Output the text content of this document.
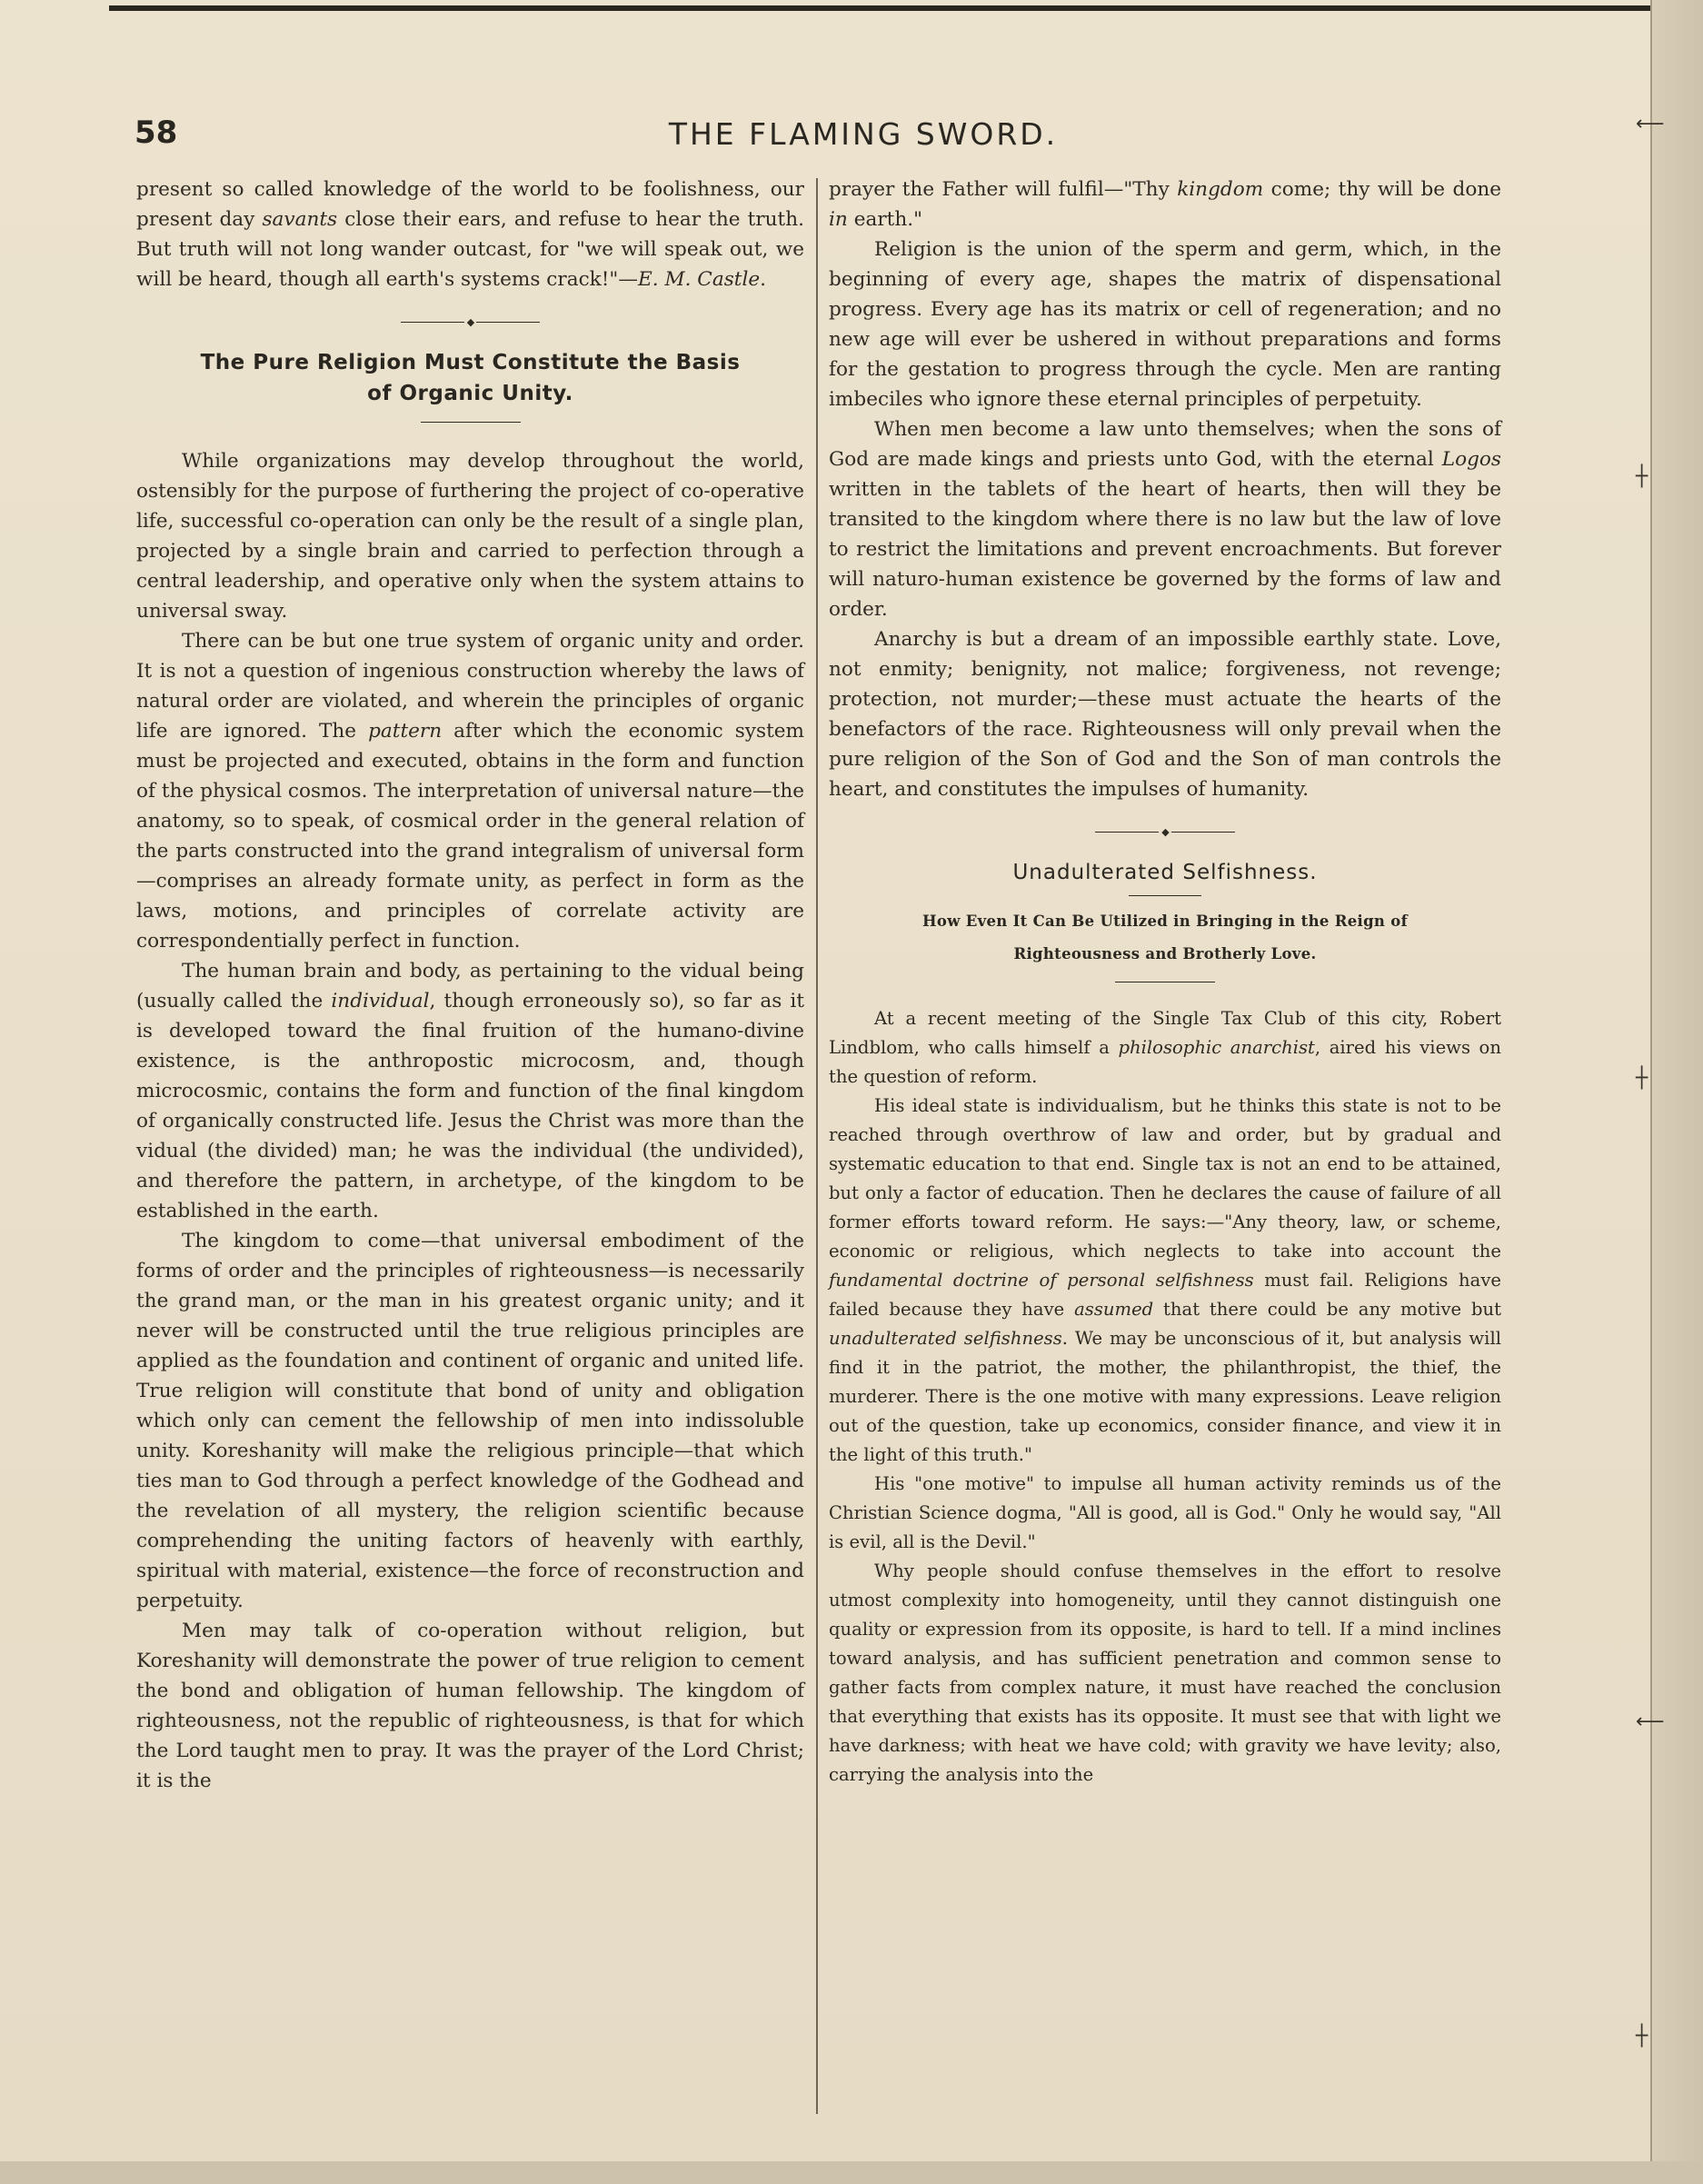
⟵
┼
┼
⟵
┼
58	THE FLAMING SWORD.

present so called knowledge of the world to be foolishness, our present day savants close their ears, and refuse to hear the truth. But truth will not long wander outcast, for "we will speak out, we will be heard, though all earth's systems crack!"—E. M. Castle.

◆
The Pure Religion Must Constitute the Basis
of Organic Unity.

While organizations may develop throughout the world, ostensibly for the purpose of furthering the project of co-operative life, successful co-operation can only be the result of a single plan, projected by a single brain and carried to perfection through a central leadership, and operative only when the system attains to universal sway.

There can be but one true system of organic unity and order. It is not a question of ingenious construction whereby the laws of natural order are violated, and wherein the principles of organic life are ignored. The pattern after which the economic system must be projected and executed, obtains in the form and function of the physical cosmos. The interpretation of universal nature—the anatomy, so to speak, of cosmical order in the general relation of the parts constructed into the grand integralism of universal form—comprises an already formate unity, as perfect in form as the laws, motions, and principles of correlate activity are correspondentially perfect in function.

The human brain and body, as pertaining to the vidual being (usually called the individual, though erroneously so), so far as it is developed toward the final fruition of the humano-divine existence, is the anthropostic microcosm, and, though microcosmic, contains the form and function of the final kingdom of organically constructed life. Jesus the Christ was more than the vidual (the divided) man; he was the individual (the undivided), and therefore the pattern, in archetype, of the kingdom to be established in the earth.

The kingdom to come—that universal embodiment of the forms of order and the principles of righteousness—is necessarily the grand man, or the man in his greatest organic unity; and it never will be constructed until the true religious principles are applied as the foundation and continent of organic and united life. True religion will constitute that bond of unity and obligation which only can cement the fellowship of men into indissoluble unity. Koreshanity will make the religious principle—that which ties man to God through a perfect knowledge of the Godhead and the revelation of all mystery, the religion scientific because comprehending the uniting factors of heavenly with earthly, spiritual with material, existence—the force of reconstruction and perpetuity.

Men may talk of co-operation without religion, but Koreshanity will demonstrate the power of true religion to cement the bond and obligation of human fellowship. The kingdom of righteousness, not the republic of righteousness, is that for which the Lord taught men to pray. It was the prayer of the Lord Christ; it is the

prayer the Father will fulfil—"Thy kingdom come; thy will be done in earth."

Religion is the union of the sperm and germ, which, in the beginning of every age, shapes the matrix of dispensational progress. Every age has its matrix or cell of regeneration; and no new age will ever be ushered in without preparations and forms for the gestation to progress through the cycle. Men are ranting imbeciles who ignore these eternal principles of perpetuity.

When men become a law unto themselves; when the sons of God are made kings and priests unto God, with the eternal Logos written in the tablets of the heart of hearts, then will they be transited to the kingdom where there is no law but the law of love to restrict the limitations and prevent encroachments. But forever will naturo-human existence be governed by the forms of law and order.

Anarchy is but a dream of an impossible earthly state. Love, not enmity; benignity, not malice; forgiveness, not revenge; protection, not murder;—these must actuate the hearts of the benefactors of the race. Righteousness will only prevail when the pure religion of the Son of God and the Son of man controls the heart, and constitutes the impulses of humanity.

◆
Unadulterated Selfishness.
How Even It Can Be Utilized in Bringing in the Reign of
Righteousness and Brotherly Love.

At a recent meeting of the Single Tax Club of this city, Robert Lindblom, who calls himself a philosophic anarchist, aired his views on the question of reform.

His ideal state is individualism, but he thinks this state is not to be reached through overthrow of law and order, but by gradual and systematic education to that end. Single tax is not an end to be attained, but only a factor of education. Then he declares the cause of failure of all former efforts toward reform. He says:—"Any theory, law, or scheme, economic or religious, which neglects to take into account the fundamental doctrine of personal selfishness must fail. Religions have failed because they have assumed that there could be any motive but unadulterated selfishness. We may be unconscious of it, but analysis will find it in the patriot, the mother, the philanthropist, the thief, the murderer. There is the one motive with many expressions. Leave religion out of the question, take up economics, consider finance, and view it in the light of this truth."

His "one motive" to impulse all human activity reminds us of the Christian Science dogma, "All is good, all is God." Only he would say, "All is evil, all is the Devil."

Why people should confuse themselves in the effort to resolve utmost complexity into homogeneity, until they cannot distinguish one quality or expression from its opposite, is hard to tell. If a mind inclines toward analysis, and has sufficient penetration and common sense to gather facts from complex nature, it must have reached the conclusion that everything that exists has its opposite. It must see that with light we have darkness; with heat we have cold; with gravity we have levity; also, carrying the analysis into the
